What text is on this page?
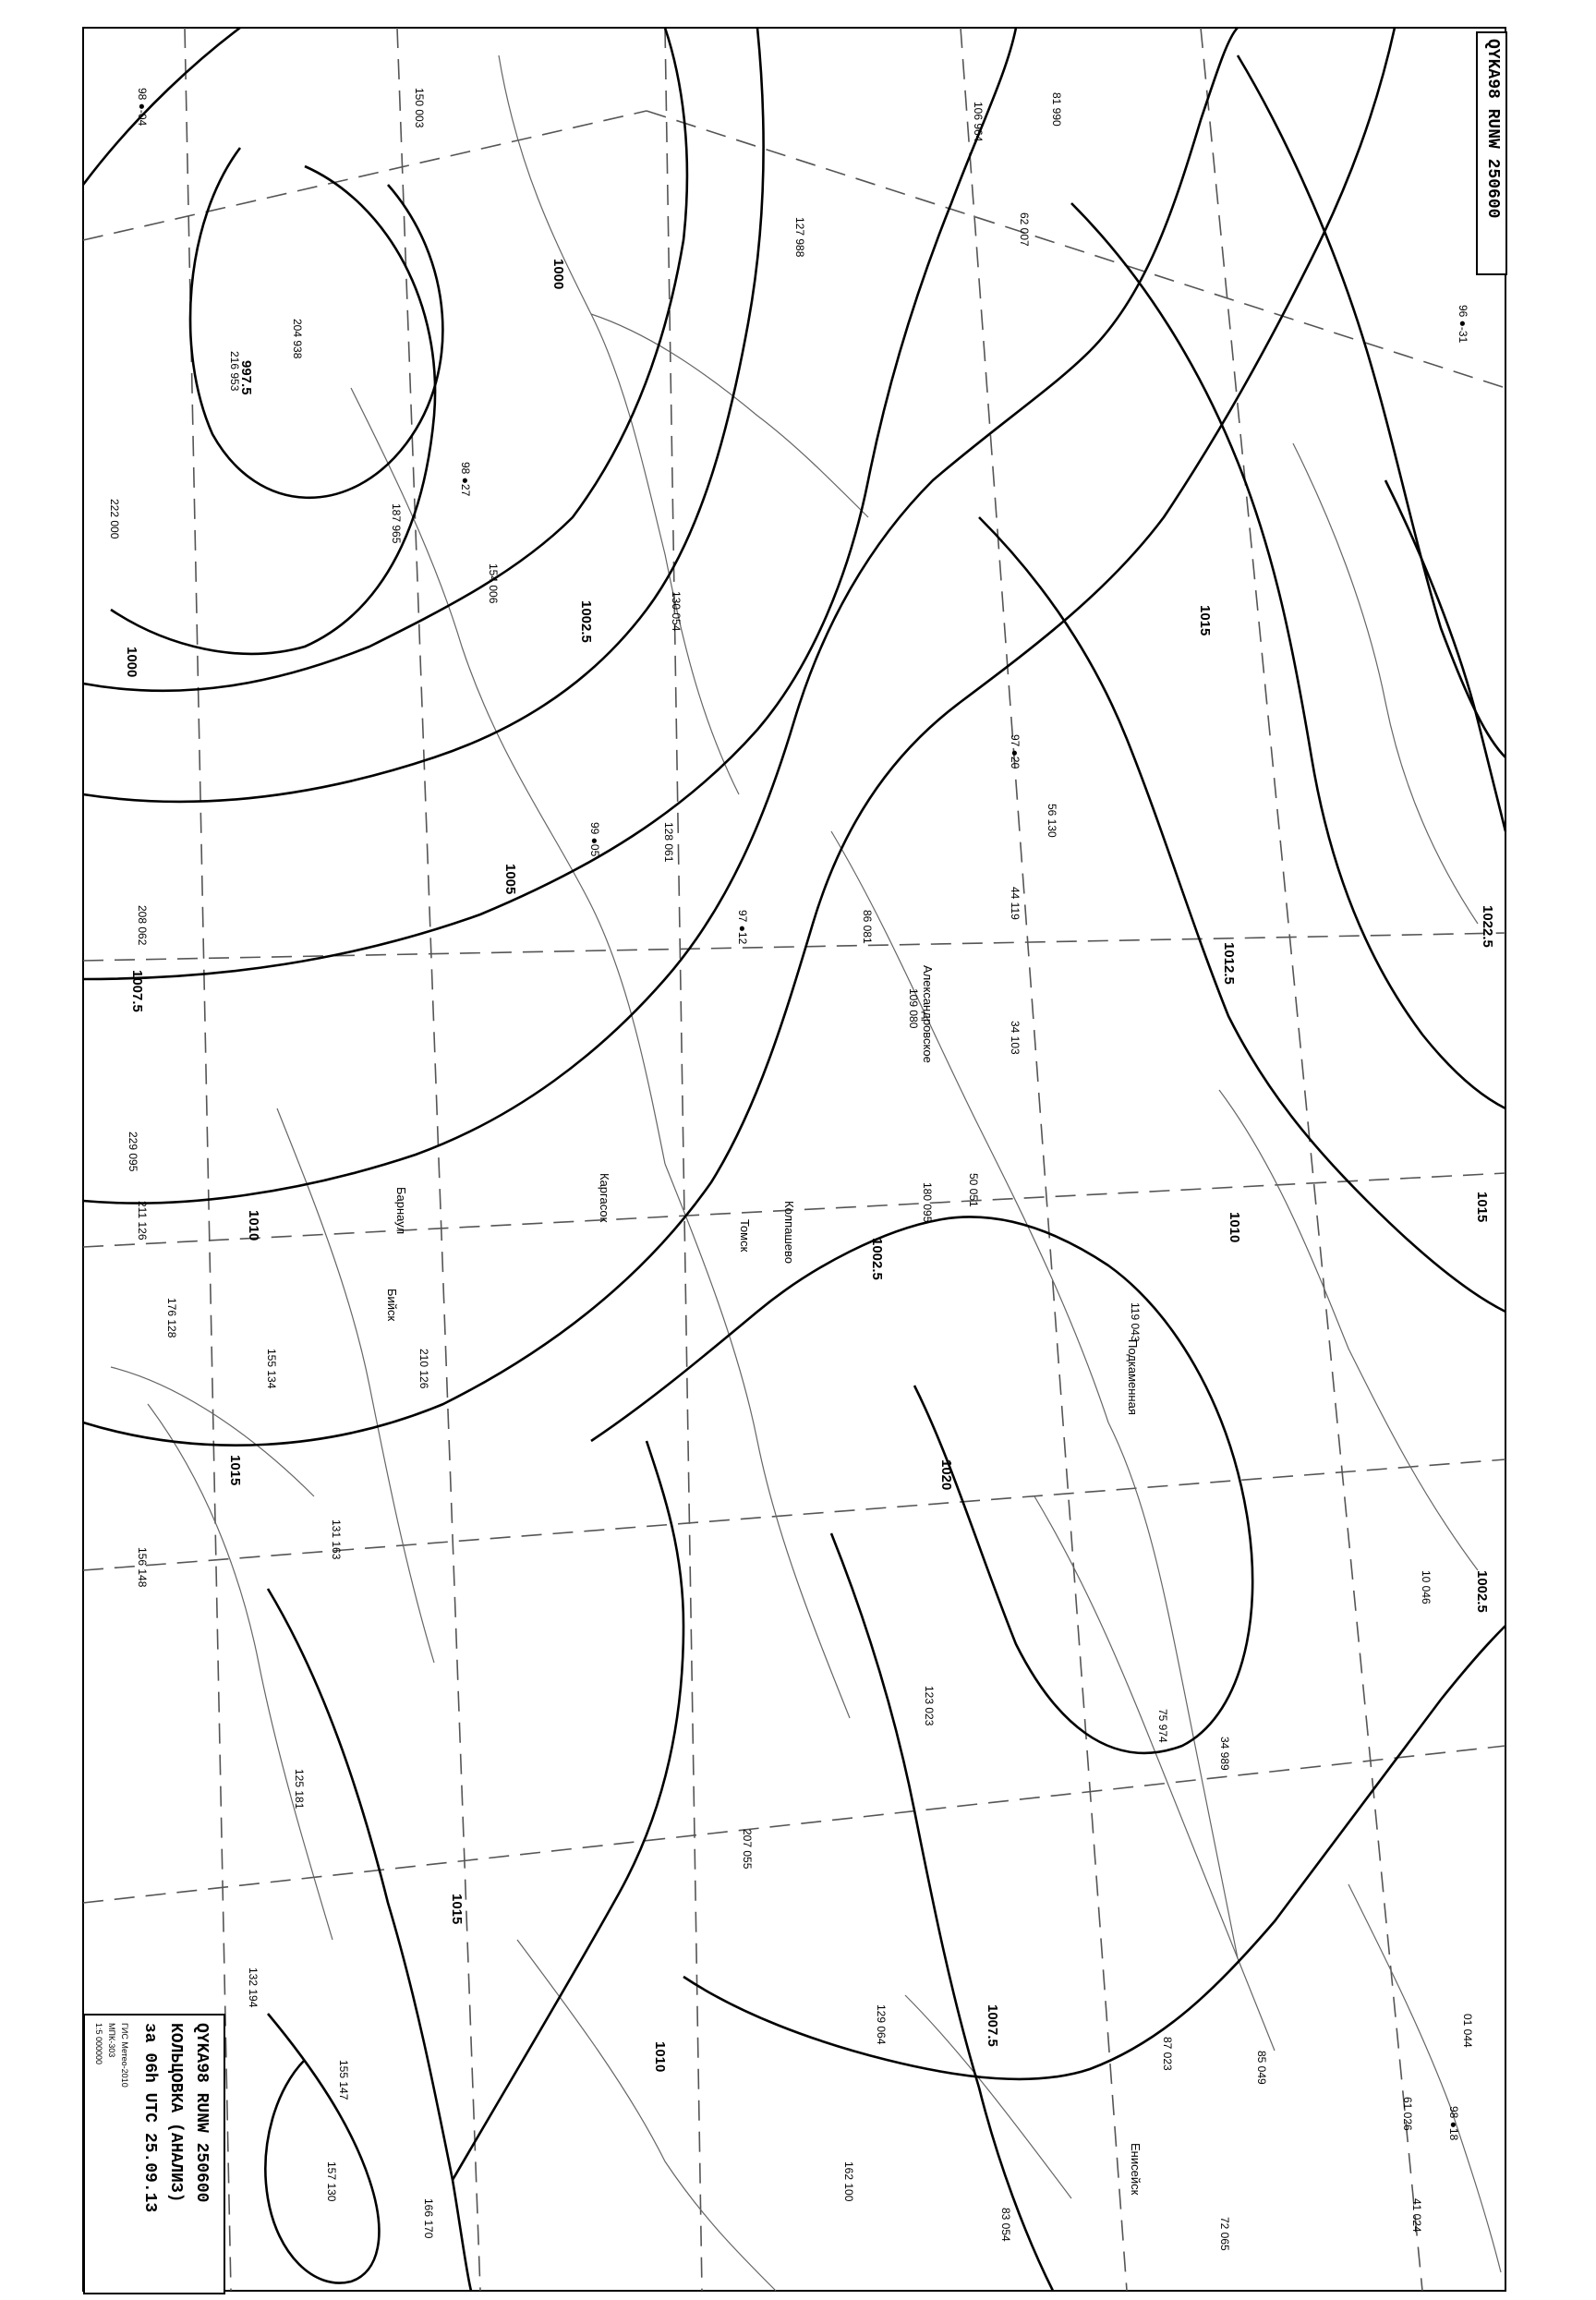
997.5
1000
1000
1002.5
1002.5
1005
1007.5
1007.5
1010	1010
1010
1012.5
1015
1015
1015
1015
1020
1022.5
1002.5
98 ●-04
96 ●-31
150 003	106 964	81 990
127 988
204 938
216 953
222 000
98 ●27
187 965
154 006
130 054
128 061
99 ●05
97 ●12	86 081
109 080
44 119
34 103
50 051
119 043
97 ●20
56 130
75 974
34 989
10 046
61 026
41 024
98 ●18
208 062
229 095
211 126
176 128
155 134
131 163
156 148
125 181
132 194
155 147
157 130
166 170
210 126
180 095
207 055
123 023
129 064
162 100
83 054
87 023	85 049
72 065
62 007
01 044
Томск
Барнаул
Александровское
Каргасок
Подкаменная
Колпашево
Енисейск
Бийск
QYKA98 RUNW 250600
QYKA98 RUNW 250600
КОЛЬЦОВКА (АНАЛИЗ)
за 06h UTC 25.09.13
ГИС Метео-2010
МПК-303
1:5 000000
